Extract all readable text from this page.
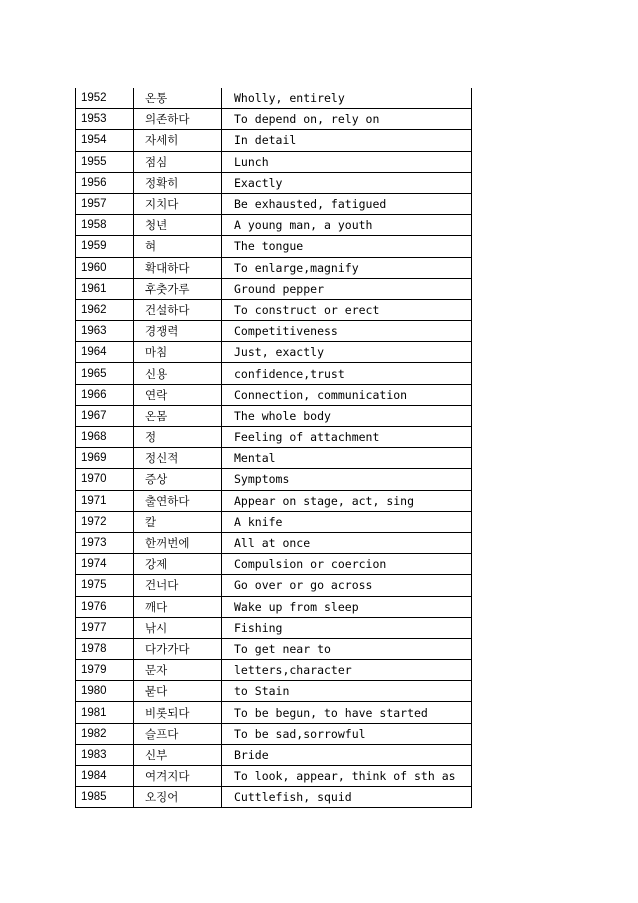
1952	온통	Wholly, entirely
1953	의존하다	To depend on, rely on
1954	자세히	In detail
1955	점심	Lunch
1956	정확히	Exactly
1957	지치다	Be exhausted, fatigued
1958	청년	A young man, a youth
1959	혀	The tongue
1960	확대하다	To enlarge,magnify
1961	후춧가루	Ground pepper
1962	건설하다	To construct or erect
1963	경쟁력	Competitiveness
1964	마침	Just, exactly
1965	신용	confidence,trust
1966	연락	Connection, communication
1967	온몸	The whole body
1968	정	Feeling of attachment
1969	정신적	Mental
1970	증상	Symptoms
1971	출연하다	Appear on stage, act, sing
1972	칼	A knife
1973	한꺼번에	All at once
1974	강제	Compulsion or coercion
1975	건너다	Go over or go across
1976	깨다	Wake up from sleep
1977	낚시	Fishing
1978	다가가다	To get near to
1979	문자	letters,character
1980	묻다	to Stain
1981	비롯되다	To be begun, to have started
1982	슬프다	To be sad,sorrowful
1983	신부	Bride
1984	여겨지다	To look, appear, think of sth as
1985	오징어	Cuttlefish, squid
